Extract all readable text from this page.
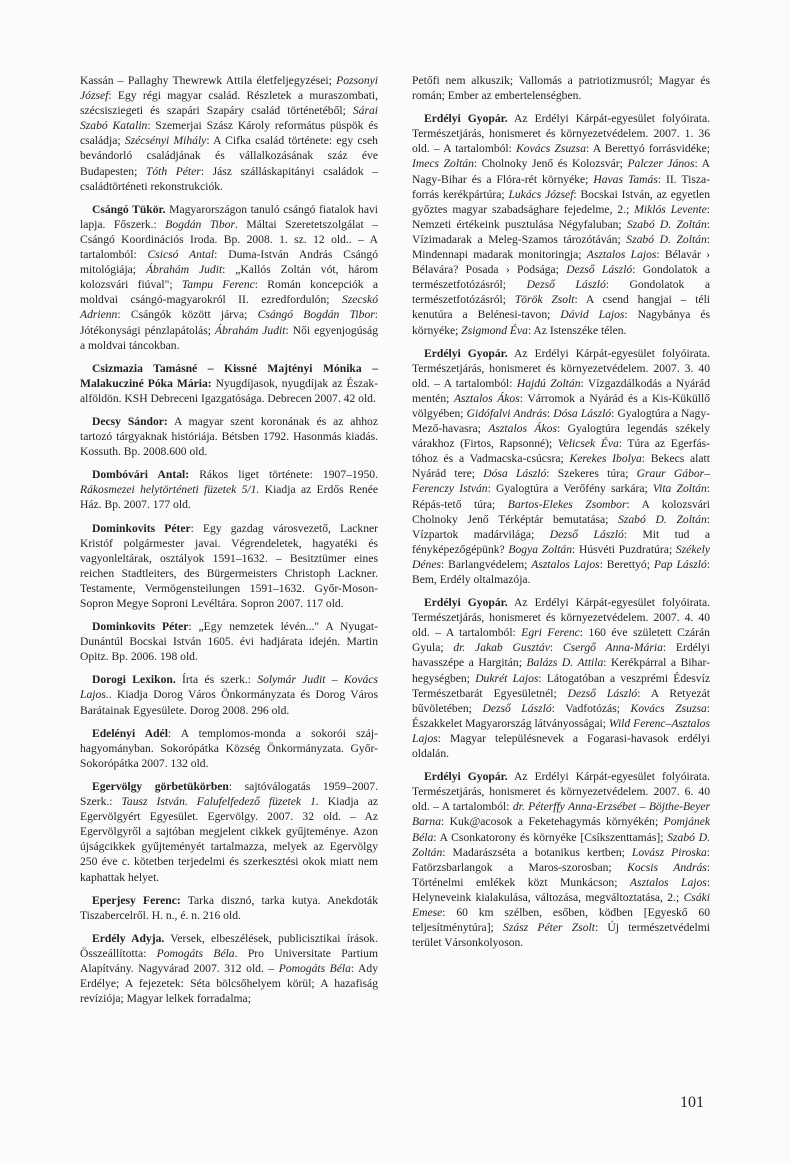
Kassán – Pallaghy Thewrewk Attila életfeljegyzései; Pozsonyi József: Egy régi magyar család. Részletek a muraszombati, szécsisziegeti és szapári Szapáry család történetéből; Sárai Szabó Katalin: Szemerjai Szász Károly református püspök és családja; Szécsényi Mihály: A Cifka család története: egy cseh bevándorló családjának és vállalkozásának száz éve Budapesten; Tóth Péter: Jász szálláskapitányi családok – családtörténeti rekonstrukciók.

Csángó Tükör. Magyarországon tanuló csángó fiatalok havi lapja. Főszerk.: Bogdán Tibor. Máltai Szeretetszolgálat – Csángó Koordinációs Iroda. Bp. 2008. 1. sz. 12 old.. – A tartalomból: Csicsó Antal: Duma-István András Csángó mitológiája; Ábrahám Judit: „Kallós Zoltán vót, három kolozsvári fiúval"; Tampu Ferenc: Román koncepciók a moldvai csángó-magyarokról II. ezredfordulón; Szecskó Adrienn: Csángók között járva; Csángó Bogdán Tibor: Jótékonysági pénzlapátolás; Ábrahám Judit: Női egyenjogúság a moldvai táncokban.

Csizmazia Tamásné – Kissné Majtényi Mónika – Malakucziné Póka Mária: Nyugdíjasok, nyugdíjak az Észak-alföldön. KSH Debreceni Igazgatósága. Debrecen 2007. 42 old.

Decsy Sándor: A magyar szent koronának és az ahhoz tartozó tárgyaknak históriája. Bétsben 1792. Hasonmás kiadás. Kossuth. Bp. 2008.600 old.

Dombóvári Antal: Rákos liget története: 1907–1950. Rákosmezei helytörténeti füzetek 5/1. Kiadja az Erdős Renée Ház. Bp. 2007. 177 old.

Dominkovits Péter: Egy gazdag városvezető, Lackner Kristóf polgármester javai. Végrendeletek, hagyatéki és vagyonleltárak, osztályok 1591–1632. – Besitztümer eines reichen Stadtleiters, des Bürgermeisters Christoph Lackner. Testamente, Vermögensteilungen 1591–1632. Győr-Moson-Sopron Megye Soproni Levéltára. Sopron 2007. 117 old.

Dominkovits Péter: „Egy nemzetek lévén..." A Nyugat-Dunántúl Bocskai István 1605. évi hadjárata idején. Martin Opitz. Bp. 2006. 198 old.

Dorogi Lexikon. Írta és szerk.: Solymár Judit – Kovács Lajos.. Kiadja Dorog Város Önkormányzata és Dorog Város Barátainak Egyesülete. Dorog 2008. 296 old.

Edelényi Adél: A templomos-monda a sokorói száj-hagyományban. Sokorópátka Község Önkormányzata. Győr-Sokorópátka 2007. 132 old.

Egervölgy görbetükörben: sajtóválogatás 1959–2007. Szerk.: Tausz István. Falufelfedező füzetek 1. Kiadja az Egervölgyért Egyesület. Egervölgy. 2007. 32 old. – Az Egervölgyről a sajtóban megjelent cikkek gyűjteménye. Azon újságcikkek gyűjteményét tartalmazza, melyek az Egervölgy 250 éve c. kötetben terjedelmi és szerkesztési okok miatt nem kaphattak helyet.

Eperjesy Ferenc: Tarka disznó, tarka kutya. Anekdoták Tiszabercelről. H. n., é. n. 216 old.

Erdély Adyja. Versek, elbeszélések, publicisztikai írások. Összeállította: Pomogáts Béla. Pro Universitate Partium Alapítvány. Nagyvárad 2007. 312 old. – Pomogáts Béla: Ady Erdélye; A fejezetek: Séta bölcsőhelyem körül; A hazafiság revíziója; Magyar lelkek forradalma;

Petőfi nem alkuszik; Vallomás a patriotizmusról; Magyar és román; Ember az embertelenségben.

Erdélyi Gyopár. Az Erdélyi Kárpát-egyesület folyóirata. Természetjárás, honismeret és környezetvédelem. 2007. 1. 36 old. – A tartalomból: Kovács Zsuzsa: A Berettyó forrásvidéke; Imecs Zoltán: Cholnoky Jenő és Kolozsvár; Palczer János: A Nagy-Bihar és a Flóra-rét környéke; Havas Tamás: II. Tisza-forrás kerékpártúra; Lukács József: Bocskai István, az egyetlen győztes magyar szabadsághare fejedelme, 2.; Miklós Levente: Nemzeti értékeink pusztulása Négyfaluban; Szabó D. Zoltán: Vízimadarak a Meleg-Szamos tározótáván; Szabó D. Zoltán: Mindennapi madarak monitoringja; Asztalos Lajos: Bélavár › Bélavára? Posada › Podsága; Dezső László: Gondolatok a természetfotózásról; Dezső László: Gondolatok a természetfotózásról; Török Zsolt: A csend hangjai – téli kenutúra a Belénesi-tavon; Dávid Lajos: Nagybánya és környéke; Zsigmond Éva: Az Istenszéke télen.

Erdélyi Gyopár. Az Erdélyi Kárpát-egyesület folyóirata. Természetjárás, honismeret és környezetvédelem. 2007. 3. 40 old. – A tartalomból: Hajdú Zoltán: Vízgazdálkodás a Nyárád mentén; Asztalos Ákos: Várromok a Nyárád és a Kis-Küküllő völgyében; Gidófalvi András: Dósa László: Gyalogtúra a Nagy-Mező-havasra; Asztalos Ákos: Gyalogtúra legendás székely várakhoz (Firtos, Rapsonné); Velicsek Éva: Túra az Egerfás-tóhoz és a Vadmacska-csúcsra; Kerekes Ibolya: Bekecs alatt Nyárád tere; Dósa László: Szekeres túra; Graur Gábor–Ferenczy István: Gyalogtúra a Verőfény sarkára; Vita Zoltán: Répás-tető túra; Bartos-Elekes Zsombor: A kolozsvári Cholnoky Jenő Térképtár bemutatása; Szabó D. Zoltán: Vízpartok madárvilága; Dezső László: Mit tud a fényképezőgépünk? Bogya Zoltán: Húsvéti Puzdratúra; Székely Dénes: Barlangvédelem; Asztalos Lajos: Berettyó; Pap László: Bem, Erdély oltalmazója.

Erdélyi Gyopár. Az Erdélyi Kárpát-egyesület folyóirata. Természetjárás, honismeret és környezetvédelem. 2007. 4. 40 old. – A tartalomból: Egri Ferenc: 160 éve született Czárán Gyula; dr. Jakab Gusztáv: Csergő Anna-Mária: Erdélyi havasszépe a Hargitán; Balázs D. Attila: Kerékpárral a Bihar-hegységben; Dukrét Lajos: Látogatóban a veszprémi Édesvíz Természetbarát Egyesületnél; Dezső László: A Retyezát bűvöletében; Dezső László: Vadfotózás; Kovács Zsuzsa: Északkelet Magyarország látványosságai; Wild Ferenc–Asztalos Lajos: Magyar településnevek a Fogarasi-havasok erdélyi oldalán.

Erdélyi Gyopár. Az Erdélyi Kárpát-egyesület folyóirata. Természetjárás, honismeret és környezetvédelem. 2007. 6. 40 old. – A tartalomból: dr. Péterffy Anna-Erzsébet – Böjthe-Beyer Barna: Kuk@acosok a Feketehagymás környékén; Pomjánek Béla: A Csonkatorony és környéke [Csíkszenttamás]; Szabó D. Zoltán: Madarászséta a botanikus kertben; Lovász Piroska: Fatörzsbarlangok a Maros-szorosban; Kocsis András: Történelmi emlékek közt Munkácson; Asztalos Lajos: Helyneveink kialakulása, változása, megváltoztatása, 2.; Csáki Emese: 60 km szélben, esőben, ködben [Egyeskő 60 teljesítménytúra]; Szász Péter Zsolt: Új természetvédelmi terület Vársonkolyoson.

101
